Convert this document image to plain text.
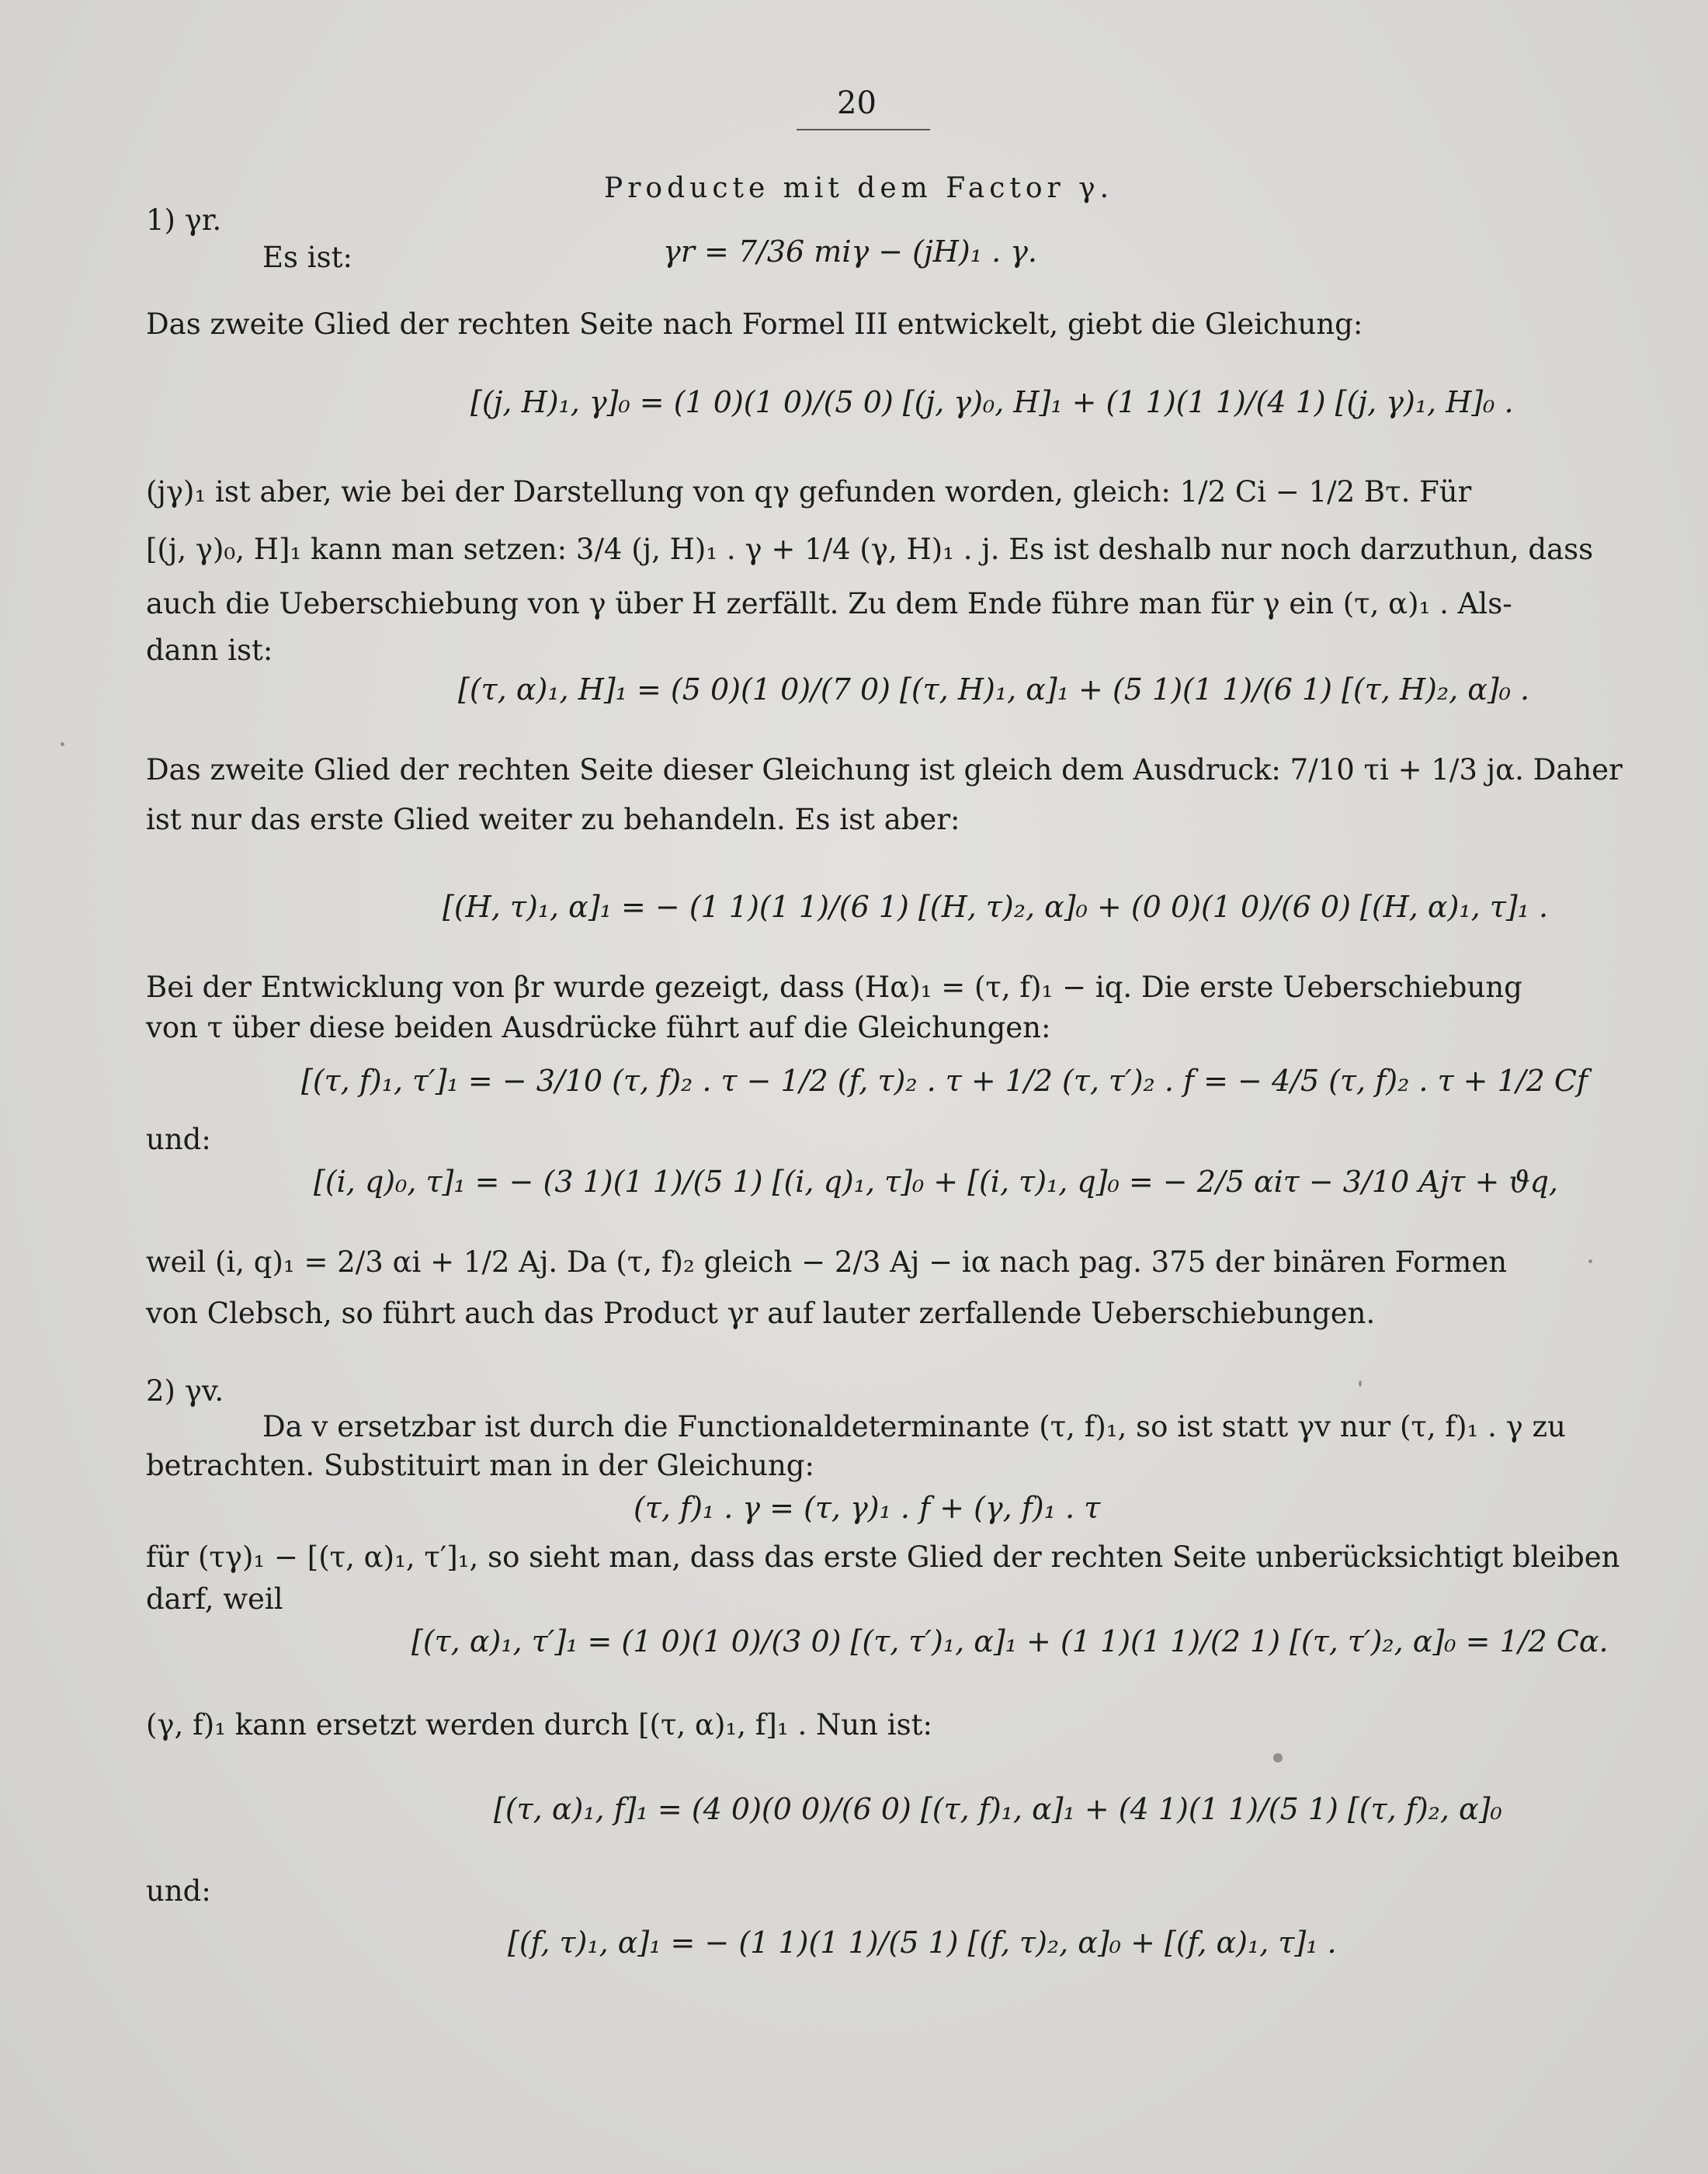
20
Producte mit dem Factor γ.
1) γr.
Es ist:	γr = 7/36 miγ − (jH)₁ . γ.
Das zweite Glied der rechten Seite nach Formel III entwickelt, giebt die Gleichung:
[(j, H)₁, γ]₀ = (1 0)(1 0)/(5 0) [(j, γ)₀, H]₁ + (1 1)(1 1)/(4 1) [(j, γ)₁, H]₀ .
(jγ)₁ ist aber, wie bei der Darstellung von qγ gefunden worden, gleich: 1/2 Ci − 1/2 Bτ. Für
[(j, γ)₀, H]₁ kann man setzen: 3/4 (j, H)₁ . γ + 1/4 (γ, H)₁ . j. Es ist deshalb nur noch darzuthun, dass
auch die Ueberschiebung von γ über H zerfällt. Zu dem Ende führe man für γ ein (τ, α)₁ . Als-
dann ist:
[(τ, α)₁, H]₁ = (5 0)(1 0)/(7 0) [(τ, H)₁, α]₁ + (5 1)(1 1)/(6 1) [(τ, H)₂, α]₀ .
Das zweite Glied der rechten Seite dieser Gleichung ist gleich dem Ausdruck: 7/10 τi + 1/3 jα. Daher
ist nur das erste Glied weiter zu behandeln. Es ist aber:
[(H, τ)₁, α]₁ = − (1 1)(1 1)/(6 1) [(H, τ)₂, α]₀ + (0 0)(1 0)/(6 0) [(H, α)₁, τ]₁ .
Bei der Entwicklung von βr wurde gezeigt, dass (Hα)₁ = (τ, f)₁ − iq. Die erste Ueberschiebung
von τ über diese beiden Ausdrücke führt auf die Gleichungen:
[(τ, f)₁, τ′]₁ = − 3/10 (τ, f)₂ . τ − 1/2 (f, τ)₂ . τ + 1/2 (τ, τ′)₂ . f = − 4/5 (τ, f)₂ . τ + 1/2 Cf
und:
[(i, q)₀, τ]₁ = − (3 1)(1 1)/(5 1) [(i, q)₁, τ]₀ + [(i, τ)₁, q]₀ = − 2/5 αiτ − 3/10 Ajτ + ϑq,
weil (i, q)₁ = 2/3 αi + 1/2 Aj. Da (τ, f)₂ gleich − 2/3 Aj − iα nach pag. 375 der binären Formen
von Clebsch, so führt auch das Product γr auf lauter zerfallende Ueberschiebungen.
2) γv.
Da v ersetzbar ist durch die Functionaldeterminante (τ, f)₁, so ist statt γv nur (τ, f)₁ . γ zu
betrachten. Substituirt man in der Gleichung:
(τ, f)₁ . γ = (τ, γ)₁ . f + (γ, f)₁ . τ
für (τγ)₁ − [(τ, α)₁, τ′]₁, so sieht man, dass das erste Glied der rechten Seite unberücksichtigt bleiben
darf, weil
[(τ, α)₁, τ′]₁ = (1 0)(1 0)/(3 0) [(τ, τ′)₁, α]₁ + (1 1)(1 1)/(2 1) [(τ, τ′)₂, α]₀ = 1/2 Cα.
(γ, f)₁ kann ersetzt werden durch [(τ, α)₁, f]₁ . Nun ist:
[(τ, α)₁, f]₁ = (4 0)(0 0)/(6 0) [(τ, f)₁, α]₁ + (4 1)(1 1)/(5 1) [(τ, f)₂, α]₀
und:
[(f, τ)₁, α]₁ = − (1 1)(1 1)/(5 1) [(f, τ)₂, α]₀ + [(f, α)₁, τ]₁ .
